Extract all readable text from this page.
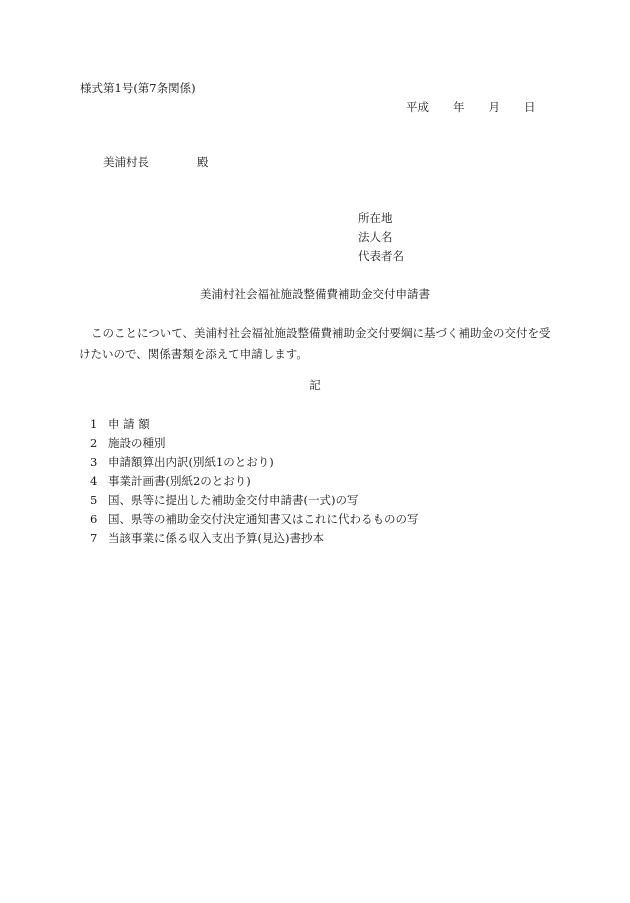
様式第1号(第7条関係)
平成 年 月 日
美浦村長	殿
所在地
法人名
代表者名
美浦村社会福祉施設整備費補助金交付申請書
このことについて、美浦村社会福祉施設整備費補助金交付要綱に基づく補助金の交付を受けたいので、関係書類を添えて申請します。
記
1 申 請 額
2 施設の種別
3 申請額算出内訳(別紙1のとおり)
4 事業計画書(別紙2のとおり)
5 国、県等に提出した補助金交付申請書(一式)の写
6 国、県等の補助金交付決定通知書又はこれに代わるものの写
7 当該事業に係る収入支出予算(見込)書抄本
